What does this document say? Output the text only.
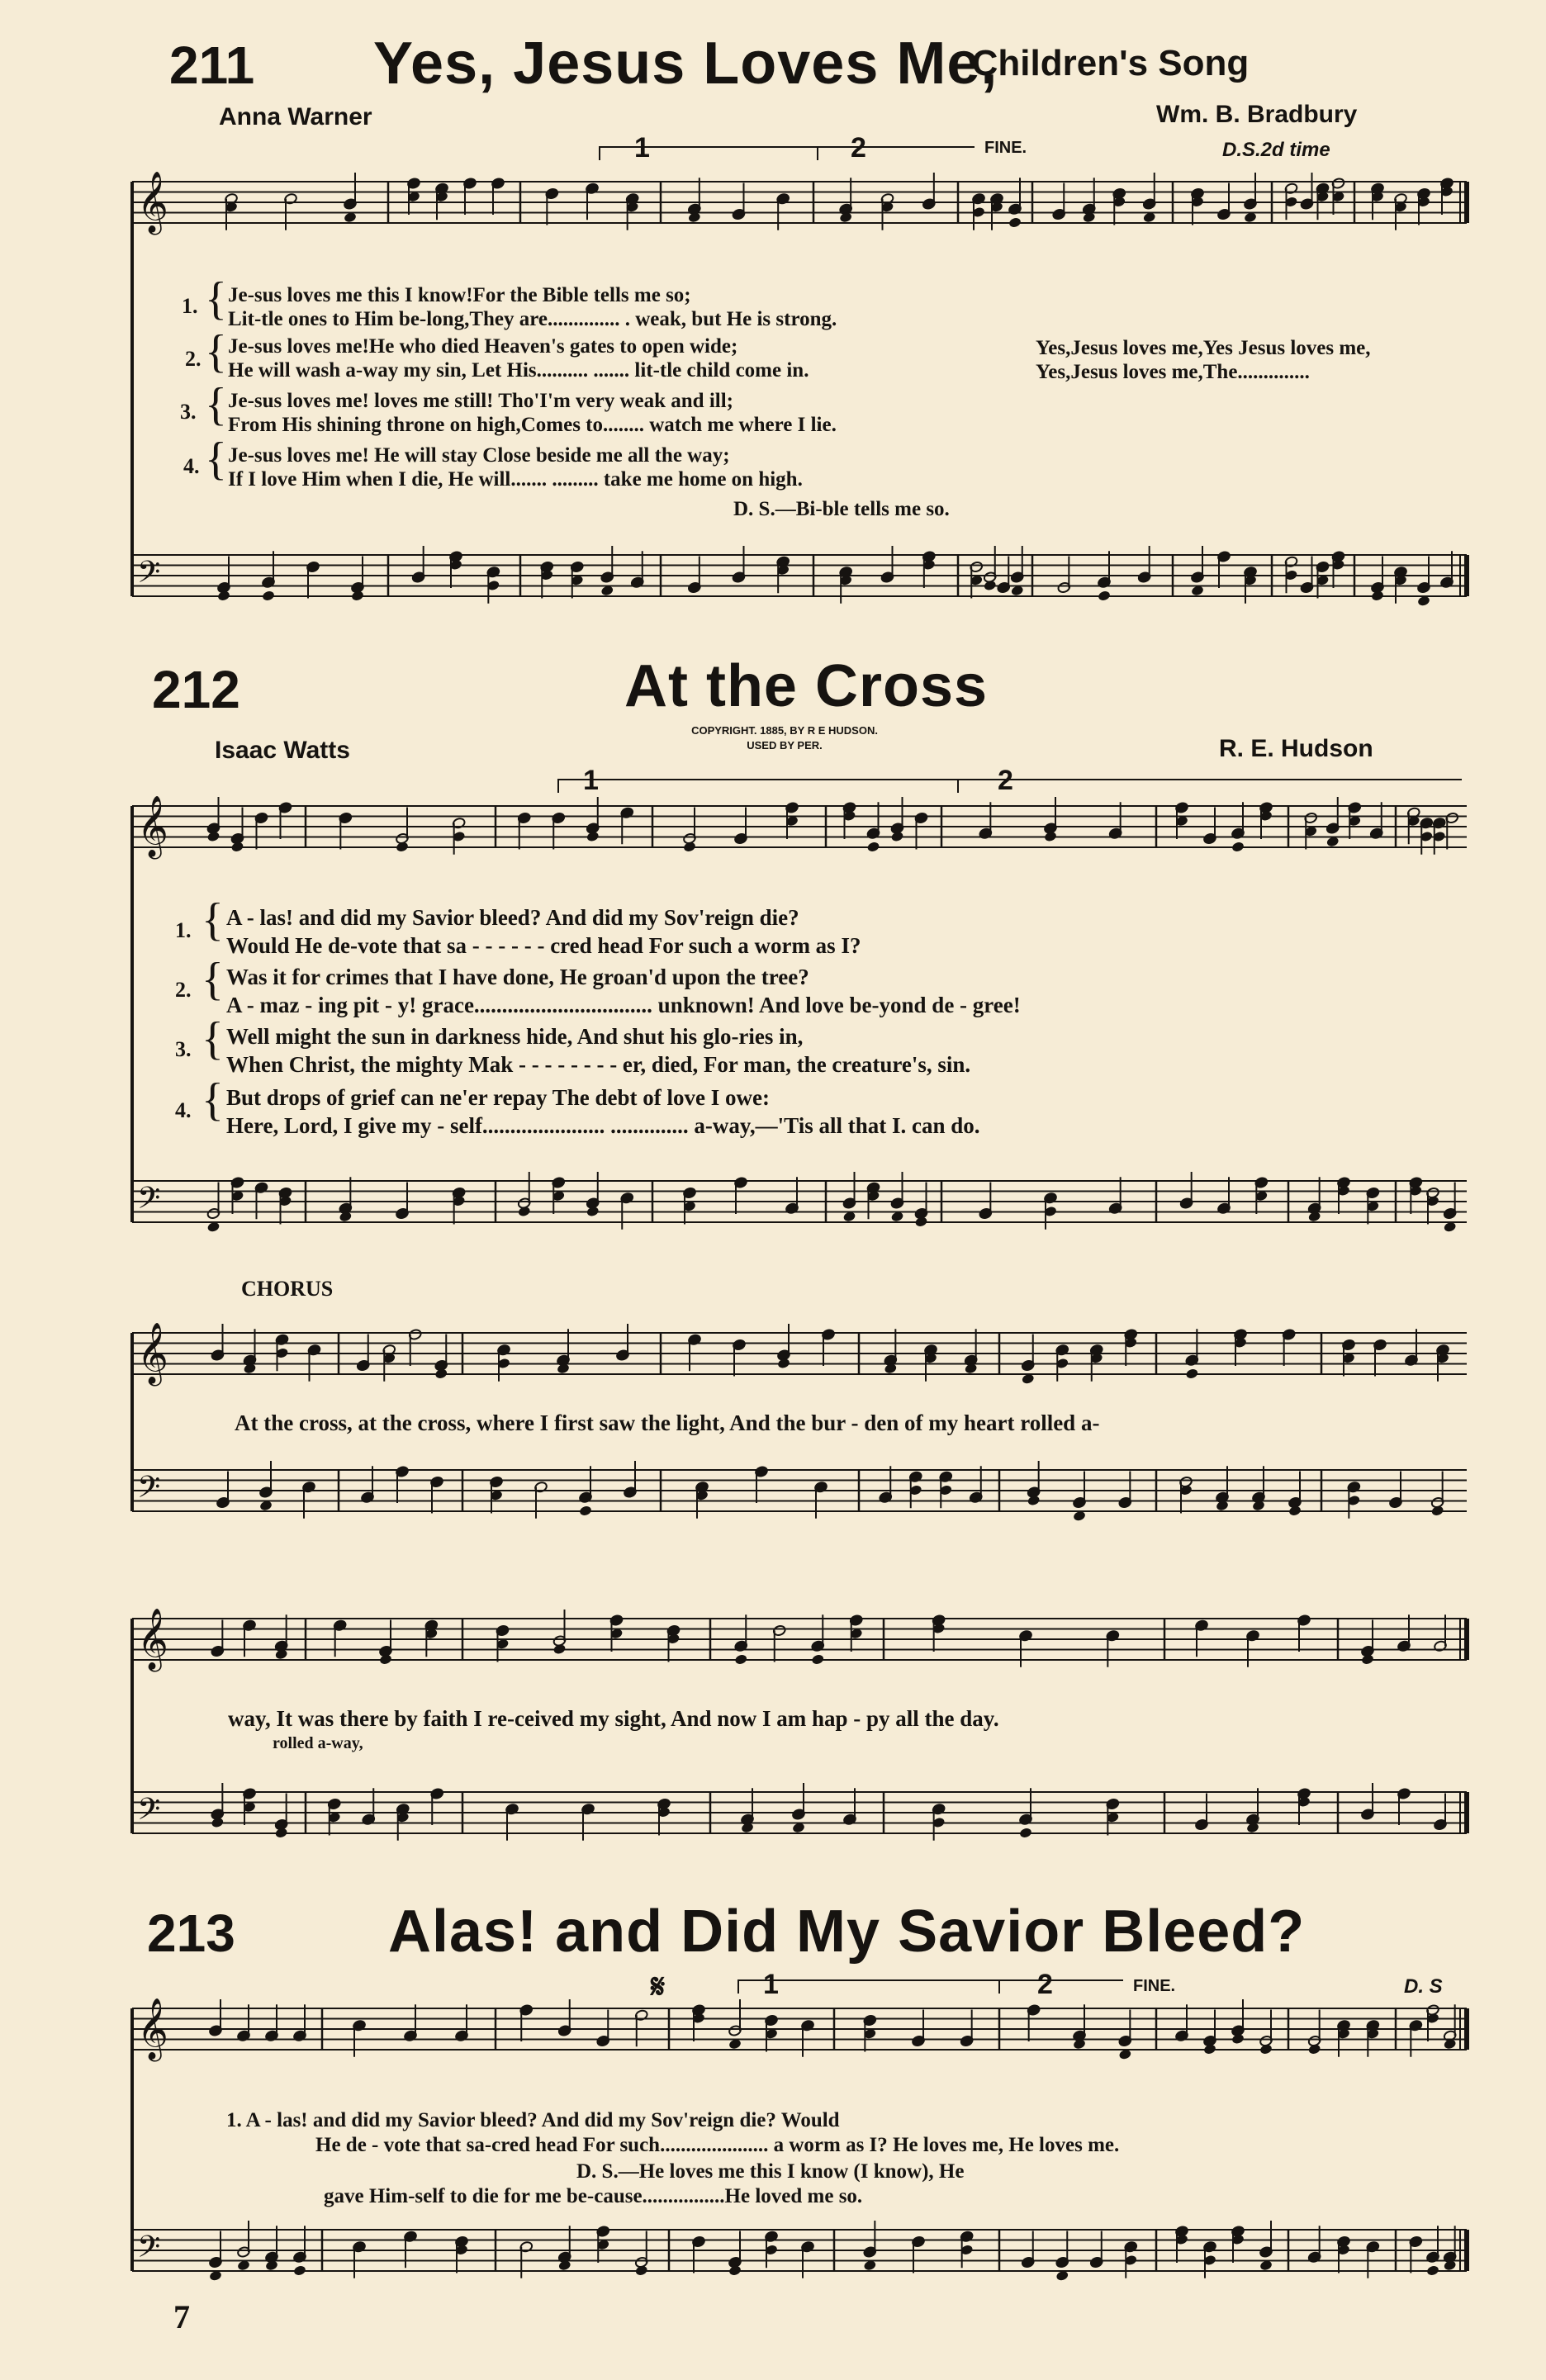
211 Yes, Jesus Loves Me,
-Children's Song
Anna Warner	Wm. B. Bradbury
FINE.	D.S.2d time
1	2
1. { Je-sus loves me this I know!For the Bible tells me so;
Lit-tle ones to Him be-long,They are.............. . weak, but He is strong.
2. { Je-sus loves me!He who died Heaven's gates to open wide;
He will wash a-way my sin, Let His.......... ....... lit-tle child come in.
3. { Je-sus loves me! loves me still! Tho'I'm very weak and ill;
From His shining throne on high,Comes to........ watch me where I lie.
4. { Je-sus loves me! He will stay Close beside me all the way;
If I love Him when I die, He will....... ......... take me home on high.
Yes,Jesus loves me,Yes Jesus loves me,
Yes,Jesus loves me,The..............
D. S.—Bi-ble tells me so.
212	At the Cross
Isaac Watts	R. E. Hudson
COPYRIGHT. 1885, BY R E HUDSON.
USED BY PER.
1	2
1. { A - las! and did my Savior bleed? And did my Sov'reign die?
Would He de-vote that sa - - - - - - cred head For such a worm as I?
2. { Was it for crimes that I have done, He groan'd upon the tree?
A - maz - ing pit - y! grace................................ unknown! And love be-yond de - gree!
3. { Well might the sun in darkness hide, And shut his glo-ries in,
When Christ, the mighty Mak - - - - - - - - er, died, For man, the creature's, sin.
4. { But drops of grief can ne'er repay The debt of love I owe:
Here, Lord, I give my - self...................... .............. a-way,—'Tis all that I. can do.
CHORUS
At the cross, at the cross, where I first saw the light, And the bur - den of my heart rolled a-
way, It was there by faith I re-ceived my sight, And now I am hap - py all the day.
rolled a-way,
213	Alas! and Did My Savior Bleed?
𝄋	1	2	FINE.	D. S
1. A - las! and did my Savior bleed? And did my Sov'reign die? Would
He de - vote that sa-cred head For such..................... a worm as I? He loves me, He loves me.
D. S.—He loves me this I know (I know), He
gave Him-self to die for me be-cause................He loved me so.
7
𝄞
𝄢
𝄞
𝄢
𝄞
𝄢
𝄞
𝄢
𝄞
𝄢
